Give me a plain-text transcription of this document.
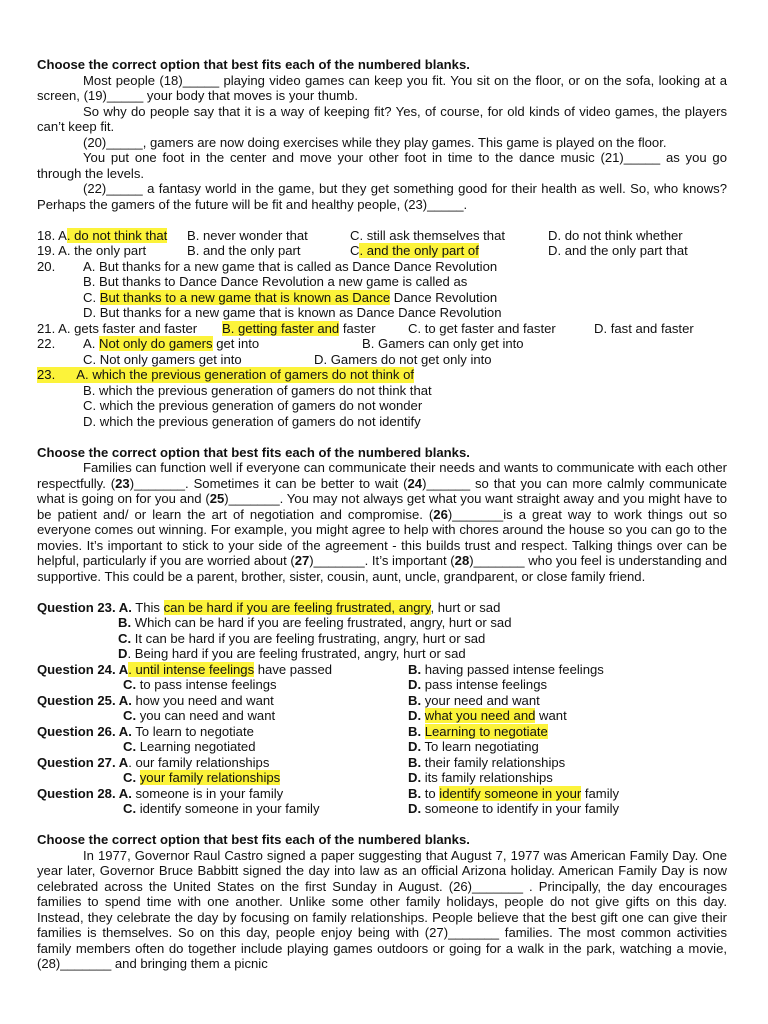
Choose the correct option that best fits each of the numbered blanks.

Most people (18)_____ playing video games can keep you fit. You sit on the floor, or on the sofa, looking at a screen, (19)_____ your body that moves is your thumb.

So why do people say that it is a way of keeping fit? Yes, of course, for old kinds of video games, the players can’t keep fit.

(20)_____, gamers are now doing exercises while they play games. This game is played on the floor.

You put one foot in the center and move your other foot in time to the dance music (21)_____ as you go through the levels.

(22)_____ a fantasy world in the game, but they get something good for their health as well. So, who knows? Perhaps the gamers of the future will be fit and healthy people, (23)_____.

18. A. do not think that B. never wonder that	C. still ask themselves that	D. do not think whether
19. A. the only part	B. and the only part	C. and the only part of	D. and the only part that
20. A. But thanks for a new game that is called as Dance Dance Revolution
B. But thanks to Dance Dance Revolution a new game is called as
C. But thanks to a new game that is known as Dance Dance Revolution
D. But thanks for a new game that is known as Dance Dance Revolution
21. A. gets faster and faster B. getting faster and faster C. to get faster and faster	D. fast and faster
22. A. Not only do gamers get into	B. Gamers can only get into
C. Not only gamers get into	D. Gamers do not get only into
23.      A. which the previous generation of gamers do not think of
B. which the previous generation of gamers do not think that
C. which the previous generation of gamers do not wonder
D. which the previous generation of gamers do not identify

Choose the correct option that best fits each of the numbered blanks.

Families can function well if everyone can communicate their needs and wants to communicate with each other respectfully. (23)_______. Sometimes it can be better to wait (24)______ so that you can more calmly communicate what is going on for you and (25)_______. You may not always get what you want straight away and you might have to be patient and/ or learn the art of negotiation and compromise. (26)_______is a great way to work things out so everyone comes out winning. For example, you might agree to help with chores around the house so you can go to the movies. It’s important to stick to your side of the agreement - this builds trust and respect. Talking things over can be helpful, particularly if you are worried about (27)_______. It’s important (28)_______ who you feel is understanding and supportive. This could be a parent, brother, sister, cousin, aunt, uncle, grandparent, or close family friend.

Question 23. A. This can be hard if you are feeling frustrated, angry, hurt or sad
B. Which can be hard if you are feeling frustrated, angry, hurt or sad
C. It can be hard if you are feeling frustrating, angry, hurt or sad
D. Being hard if you are feeling frustrated, angry, hurt or sad
Question 24. A. until intense feelings have passed	B. having passed intense feelings
C. to pass intense feelings	D. pass intense feelings
Question 25. A. how you need and want	B. your need and want
C. you can need and want	D. what you need and want
Question 26. A. To learn to negotiate	B. Learning to negotiate
C. Learning negotiated	D. To learn negotiating
Question 27. A. our family relationships	B. their family relationships
C. your family relationships	D. its family relationships
Question 28. A. someone is in your family	B. to identify someone in your family
C. identify someone in your family	D. someone to identify in your family

Choose the correct option that best fits each of the numbered blanks.

In 1977, Governor Raul Castro signed a paper suggesting that August 7, 1977 was American Family Day. One year later, Governor Bruce Babbitt signed the day into law as an official Arizona holiday. American Family Day is now celebrated across the United States on the first Sunday in August. (26)_______ . Principally, the day encourages families to spend time with one another. Unlike some other family holidays, people do not give gifts on this day. Instead, they celebrate the day by focusing on family relationships. People believe that the best gift one can give their families is themselves. So on this day, people enjoy being with (27)_______ families. The most common activities family members often do together include playing games outdoors or going for a walk in the park, watching a movie, (28)_______ and bringing them a picnic
